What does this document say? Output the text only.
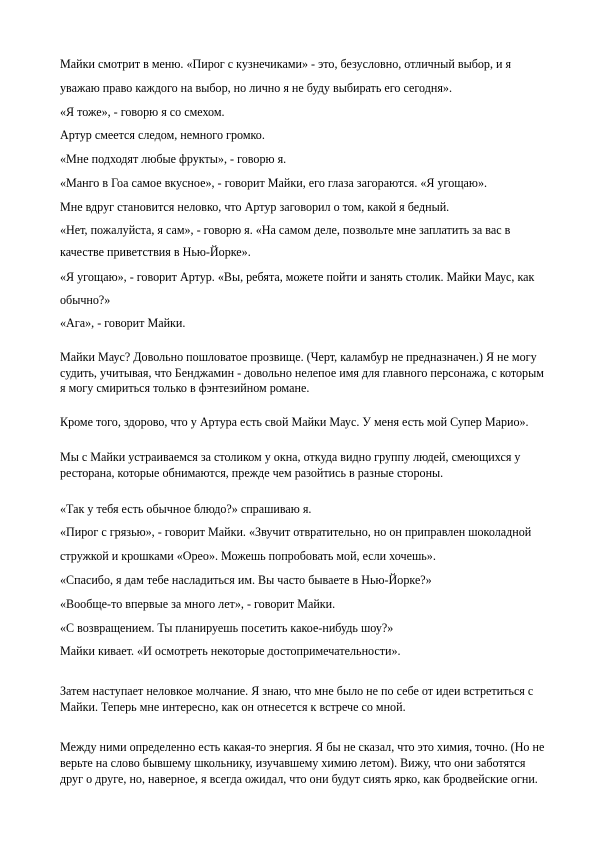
Майки смотрит в меню. «Пирог с кузнечиками» - это, безусловно, отличный выбор, и я
уважаю право каждого на выбор, но лично я не буду выбирать его сегодня».
«Я тоже», - говорю я со смехом.
Артур смеется следом, немного громко.
«Мне подходят любые фрукты», - говорю я.
«Манго в Гоа самое вкусное», - говорит Майки, его глаза загораются. «Я угощаю».
Мне вдруг становится неловко, что Артур заговорил о том, какой я бедный.
«Нет, пожалуйста, я сам», - говорю я. «На самом деле, позвольте мне заплатить за вас в
качестве приветствия в Нью-Йорке».
«Я угощаю», - говорит Артур. «Вы, ребята, можете пойти и занять столик. Майки Маус, как
обычно?»
«Ага», - говорит Майки.
Майки Маус? Довольно пошловатое прозвище. (Черт, каламбур не предназначен.) Я не могу
судить, учитывая, что Бенджамин - довольно нелепое имя для главного персонажа, с которым
я могу смириться только в фэнтезийном романе.
Кроме того, здорово, что у Артура есть свой Майки Маус. У меня есть мой Супер Марио».
Мы с Майки устраиваемся за столиком у окна, откуда видно группу людей, смеющихся у
ресторана, которые обнимаются, прежде чем разойтись в разные стороны.
«Так у тебя есть обычное блюдо?» спрашиваю я.
«Пирог с грязью», - говорит Майки. «Звучит отвратительно, но он приправлен шоколадной
стружкой и крошками «Орео». Можешь попробовать мой, если хочешь».
«Спасибо, я дам тебе насладиться им. Вы часто бываете в Нью-Йорке?»
«Вообще-то впервые за много лет», - говорит Майки.
«С возвращением. Ты планируешь посетить какое-нибудь шоу?»
Майки кивает. «И осмотреть некоторые достопримечательности».
Затем наступает неловкое молчание. Я знаю, что мне было не по себе от идеи встретиться с
Майки. Теперь мне интересно, как он отнесется к встрече со мной.
Между ними определенно есть какая-то энергия. Я бы не сказал, что это химия, точно. (Но не
верьте на слово бывшему школьнику, изучавшему химию летом). Вижу, что они заботятся
друг о друге, но, наверное, я всегда ожидал, что они будут сиять ярко, как бродвейские огни.
